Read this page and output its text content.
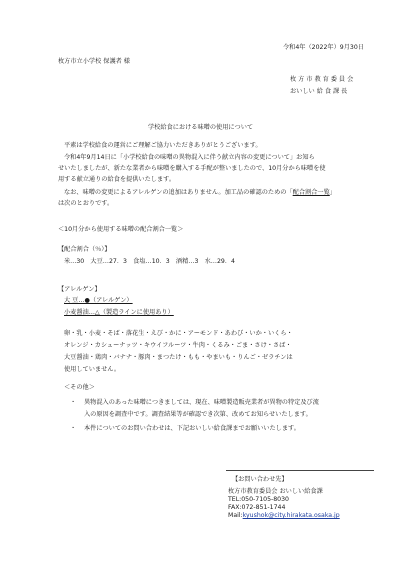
令和4年（2022年）9月30日
枚方市立小学校 保護者 様
枚 方 市 教 育 委 員 会
おいしい 給 食 課 長
学校給食における味噌の使用について
平素は学校給食の運営にご理解ご協力いただきありがとうございます。
令和4年9月14日に「小学校給食の味噌の異物混入に伴う献立内容の変更について」お知ら
せいたしましたが、新たな業者から味噌を購入する手配が整いましたので、10月分から味噌を使
用する献立通りの給食を提供いたします。
なお、味噌の変更によるアレルゲンの追加はありません。加工品の確認のための「配合割合一覧」
は次のとおりです。
＜10月分から使用する味噌の配合割合一覧＞
【配合割合（％）】
米…30　大豆…27．3　食塩…10．3　酒精…3　水…29．4
【アレルゲン】
大 豆…●（アレルゲン）
小麦醤油…△（製造ラインに使用あり）
卵・乳・小麦・そば・落花生・えび・かに・アーモンド・あわび・いか・いくら・
オレンジ・カシューナッツ・キウイフルーツ・牛肉・くるみ・ごま・さけ・さば・
大豆醤油・鶏肉・バナナ・豚肉・まつたけ・もも・やまいも・りんご・ゼラチンは
使用していません。
＜その他＞
・ 異物混入のあった味噌につきましては、現在、味噌製造販売業者が異物の特定及び流
入の原因を調査中です。調査結果等が確認でき次第、改めてお知らせいたします。
・ 本件についてのお問い合わせは、下記おいしい給食課までお願いいたします。
【お問い合わせ先】
枚方市教育委員会 おいしい給食課
TEL:050-7105-8030
FAX:072-851-1744
Mail:kyushok@city.hirakata.osaka.jp
